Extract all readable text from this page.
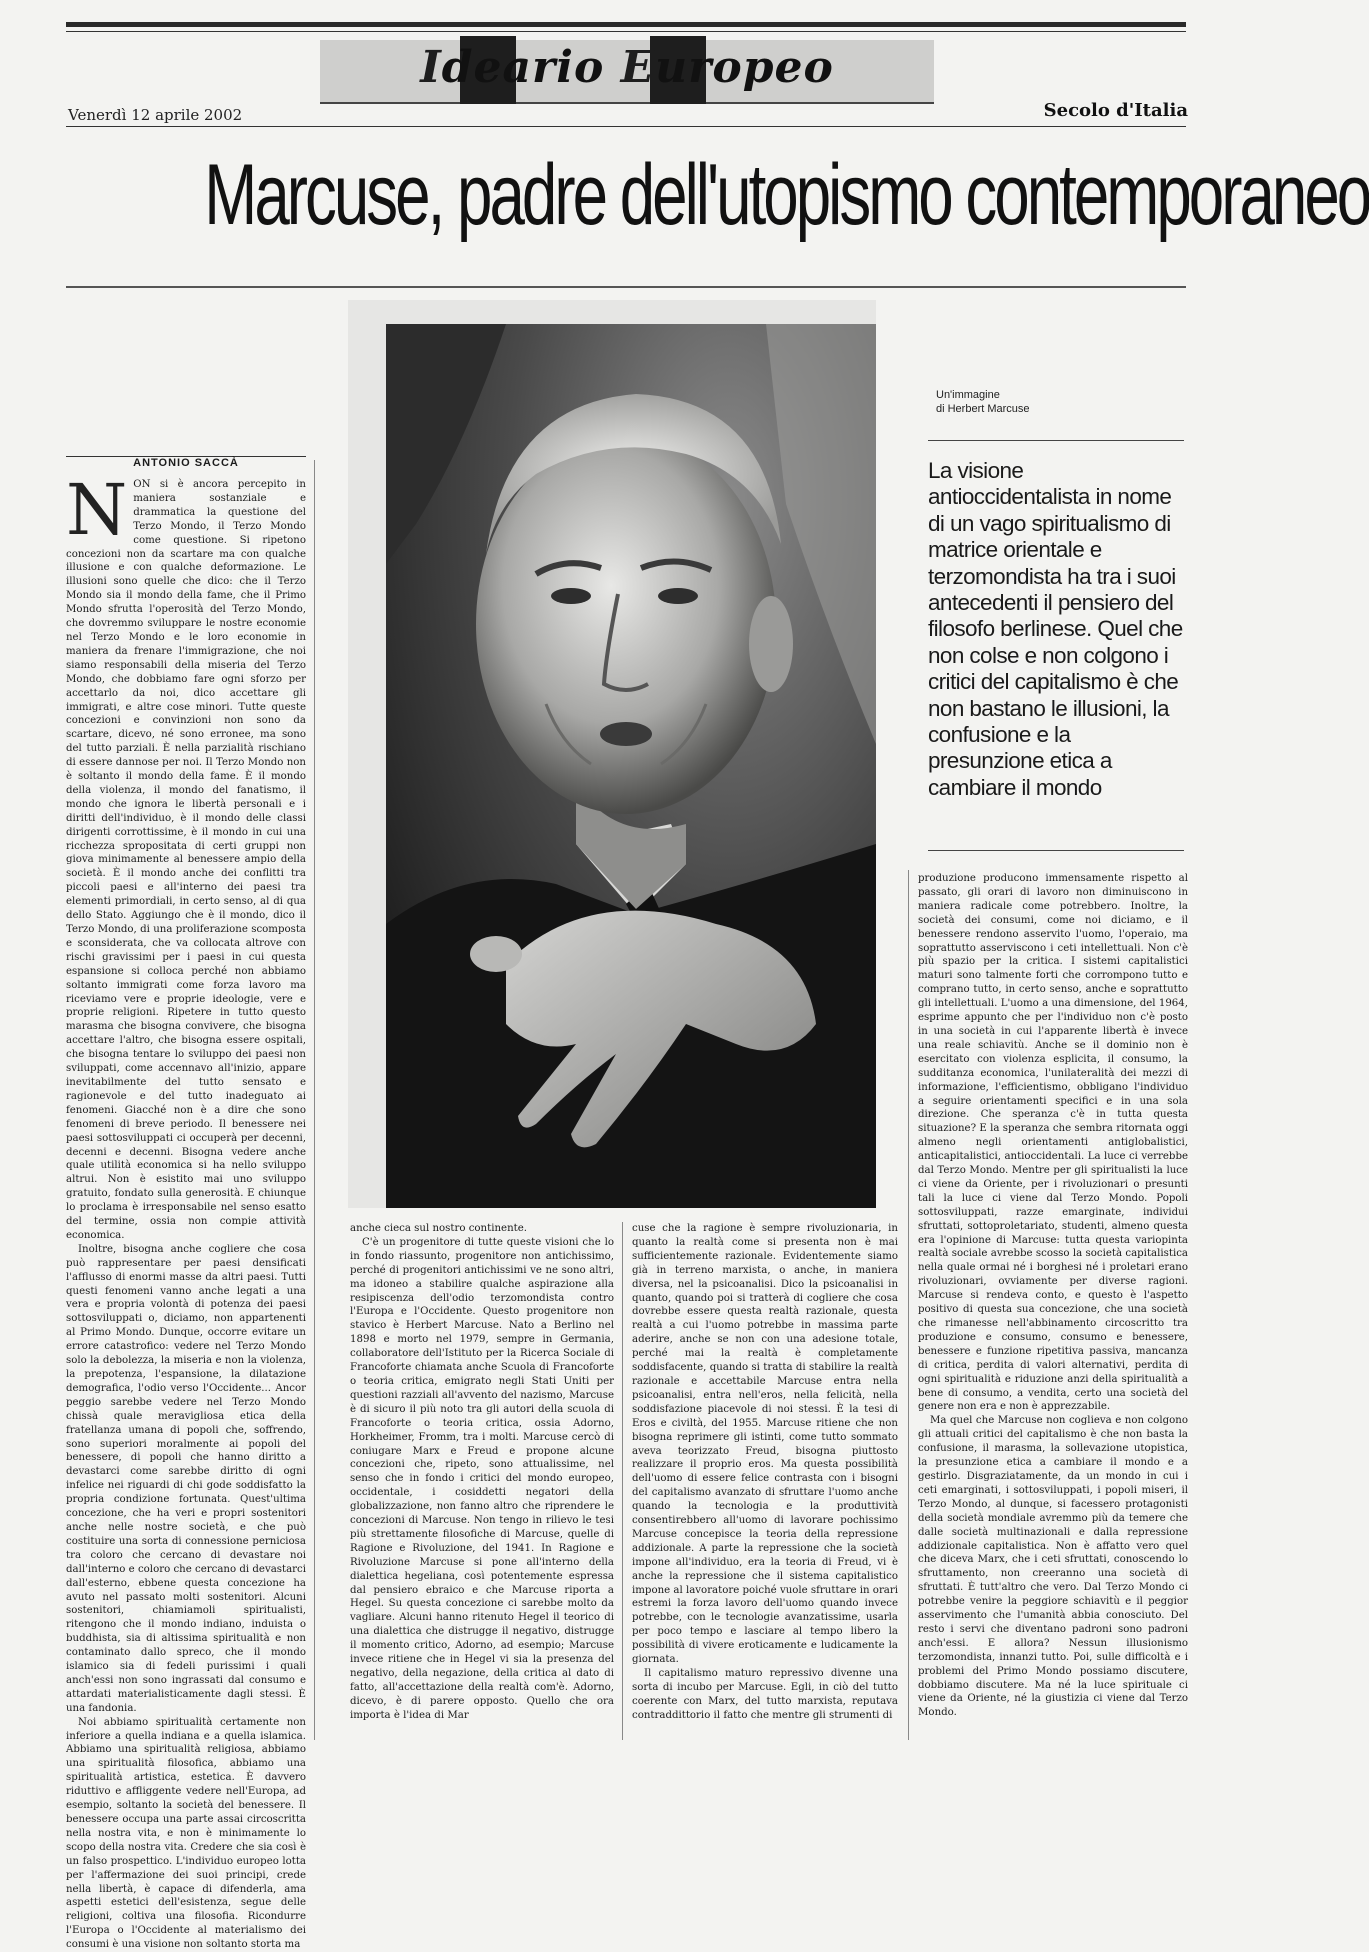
Ideario Europeo
Venerdì 12 aprile 2002	Secolo d'Italia
Marcuse, padre dell'utopismo contemporaneo
Un'immagine
di Herbert Marcuse
ANTONIO SACCÀ
N ON si è ancora percepito in maniera sostanziale e drammatica la questione del Terzo Mondo, il Terzo Mondo come questione. Si ripetono concezioni non da scartare ma con qualche illusione e con qualche deformazione. Le illusioni sono quelle che dico: che il Terzo Mondo sia il mondo della fame, che il Primo Mondo sfrutta l'operosità del Terzo Mondo, che dovremmo sviluppare le nostre economie nel Terzo Mondo e le loro economie in maniera da frenare l'immigrazione, che noi siamo responsabili della miseria del Terzo Mondo, che dobbiamo fare ogni sforzo per accettarlo da noi, dico accettare gli immigrati, e altre cose minori. Tutte queste concezioni e convinzioni non sono da scartare, dicevo, né sono erronee, ma sono del tutto parziali. È nella parzialità rischiano di essere dannose per noi. Il Terzo Mondo non è soltanto il mondo della fame. È il mondo della violenza, il mondo del fanatismo, il mondo che ignora le libertà personali e i diritti dell'individuo, è il mondo delle classi dirigenti corrottissime, è il mondo in cui una ricchezza spropositata di certi gruppi non giova minimamente al benessere ampio della società. È il mondo anche dei conflitti tra piccoli paesi e all'interno dei paesi tra elementi primordiali, in certo senso, al di qua dello Stato. Aggiungo che è il mondo, dico il Terzo Mondo, di una proliferazione scomposta e sconsiderata, che va collocata altrove con rischi gravissimi per i paesi in cui questa espansione si colloca perché non abbiamo soltanto immigrati come forza lavoro ma riceviamo vere e proprie ideologie, vere e proprie religioni. Ripetere in tutto questo marasma che bisogna convivere, che bisogna accettare l'altro, che bisogna essere ospitali, che bisogna tentare lo sviluppo dei paesi non sviluppati, come accennavo all'inizio, appare inevitabilmente del tutto sensato e ragionevole e del tutto inadeguato ai fenomeni. Giacché non è a dire che sono fenomeni di breve periodo. Il benessere nei paesi sottosviluppati ci occuperà per decenni, decenni e decenni. Bisogna vedere anche quale utilità economica si ha nello sviluppo altrui. Non è esistito mai uno sviluppo gratuito, fondato sulla generosità. E chiunque lo proclama è irresponsabile nel senso esatto del termine, ossia non compie attività economica.

Inoltre, bisogna anche cogliere che cosa può rappresentare per paesi densificati l'afflusso di enormi masse da altri paesi. Tutti questi fenomeni vanno anche legati a una vera e propria volontà di potenza dei paesi sottosviluppati o, diciamo, non appartenenti al Primo Mondo. Dunque, occorre evitare un errore catastrofico: vedere nel Terzo Mondo solo la debolezza, la miseria e non la violenza, la prepotenza, l'espansione, la dilatazione demografica, l'odio verso l'Occidente... Ancor peggio sarebbe vedere nel Terzo Mondo chissà quale meravigliosa etica della fratellanza umana di popoli che, soffrendo, sono superiori moralmente ai popoli del benessere, di popoli che hanno diritto a devastarci come sarebbe diritto di ogni infelice nei riguardi di chi gode soddisfatto la propria condizione fortunata. Quest'ultima concezione, che ha veri e propri sostenitori anche nelle nostre società, e che può costituire una sorta di connessione perniciosa tra coloro che cercano di devastare noi dall'interno e coloro che cercano di devastarci dall'esterno, ebbene questa concezione ha avuto nel passato molti sostenitori. Alcuni sostenitori, chiamiamoli spiritualisti, ritengono che il mondo indiano, induista o buddhista, sia di altissima spiritualità e non contaminato dallo spreco, che il mondo islamico sia di fedeli purissimi i quali anch'essi non sono ingrassati dal consumo e attardati materialisticamente dagli stessi. È una fandonia.

Noi abbiamo spiritualità certamente non inferiore a quella indiana e a quella islamica. Abbiamo una spiritualità religiosa, abbiamo una spiritualità filosofica, abbiamo una spiritualità artistica, estetica. È davvero riduttivo e affliggente vedere nell'Europa, ad esempio, soltanto la società del benessere. Il benessere occupa una parte assai circoscritta nella nostra vita, e non è minimamente lo scopo della nostra vita. Credere che sia così è un falso prospettico. L'individuo europeo lotta per l'affermazione dei suoi principi, crede nella libertà, è capace di difenderla, ama aspetti estetici dell'esistenza, segue delle religioni, coltiva una filosofia. Ricondurre l'Europa o l'Occidente al materialismo dei consumi è una visione non soltanto storta ma

anche cieca sul nostro continente.

C'è un progenitore di tutte queste visioni che lo in fondo riassunto, progenitore non antichissimo, perché di progenitori antichissimi ve ne sono altri, ma idoneo a stabilire qualche aspirazione alla resipiscenza dell'odio terzomondista contro l'Europa e l'Occidente. Questo progenitore non stavico è Herbert Marcuse. Nato a Berlino nel 1898 e morto nel 1979, sempre in Germania, collaboratore dell'Istituto per la Ricerca Sociale di Francoforte chiamata anche Scuola di Francoforte o teoria critica, emigrato negli Stati Uniti per questioni razziali all'avvento del nazismo, Marcuse è di sicuro il più noto tra gli autori della scuola di Francoforte o teoria critica, ossia Adorno, Horkheimer, Fromm, tra i molti. Marcuse cercò di coniugare Marx e Freud e propone alcune concezioni che, ripeto, sono attualissime, nel senso che in fondo i critici del mondo europeo, occidentale, i cosiddetti negatori della globalizzazione, non fanno altro che riprendere le concezioni di Marcuse. Non tengo in rilievo le tesi più strettamente filosofiche di Marcuse, quelle di Ragione e Rivoluzione, del 1941. In Ragione e Rivoluzione Marcuse si pone all'interno della dialettica hegeliana, così potentemente espressa dal pensiero ebraico e che Marcuse riporta a Hegel. Su questa concezione ci sarebbe molto da vagliare. Alcuni hanno ritenuto Hegel il teorico di una dialettica che distrugge il negativo, distrugge il momento critico, Adorno, ad esempio; Marcuse invece ritiene che in Hegel vi sia la presenza del negativo, della negazione, della critica al dato di fatto, all'accettazione della realtà com'è. Adorno, dicevo, è di parere opposto. Quello che ora importa è l'idea di Mar

cuse che la ragione è sempre rivoluzionaria, in quanto la realtà come si presenta non è mai sufficientemente razionale. Evidentemente siamo già in terreno marxista, o anche, in maniera diversa, nel la psicoanalisi. Dico la psicoanalisi in quanto, quando poi si tratterà di cogliere che cosa dovrebbe essere questa realtà razionale, questa realtà a cui l'uomo potrebbe in massima parte aderire, anche se non con una adesione totale, perché mai la realtà è completamente soddisfacente, quando si tratta di stabilire la realtà razionale e accettabile Marcuse entra nella psicoanalisi, entra nell'eros, nella felicità, nella soddisfazione piacevole di noi stessi. È la tesi di Eros e civiltà, del 1955. Marcuse ritiene che non bisogna reprimere gli istinti, come tutto sommato aveva teorizzato Freud, bisogna piuttosto realizzare il proprio eros. Ma questa possibilità dell'uomo di essere felice contrasta con i bisogni del capitalismo avanzato di sfruttare l'uomo anche quando la tecnologia e la produttività consentirebbero all'uomo di lavorare pochissimo Marcuse concepisce la teoria della repressione addizionale. A parte la repressione che la società impone all'individuo, era la teoria di Freud, vi è anche la repressione che il sistema capitalistico impone al lavoratore poiché vuole sfruttare in orari estremi la forza lavoro dell'uomo quando invece potrebbe, con le tecnologie avanzatissime, usarla per poco tempo e lasciare al tempo libero la possibilità di vivere eroticamente e ludicamente la giornata.

Il capitalismo maturo repressivo divenne una sorta di incubo per Marcuse. Egli, in ciò del tutto coerente con Marx, del tutto marxista, reputava contraddittorio il fatto che mentre gli strumenti di

La visione antioccidentalista in nome di un vago spiritualismo di matrice orientale e terzomondista ha tra i suoi antecedenti il pensiero del filosofo berlinese. Quel che non colse e non colgono i critici del capitalismo è che non bastano le illusioni, la confusione e la presunzione etica a cambiare il mondo

produzione producono immensamente rispetto al passato, gli orari di lavoro non diminuiscono in maniera radicale come potrebbero. Inoltre, la società dei consumi, come noi diciamo, e il benessere rendono asservito l'uomo, l'operaio, ma soprattutto asserviscono i ceti intellettuali. Non c'è più spazio per la critica. I sistemi capitalistici maturi sono talmente forti che corrompono tutto e comprano tutto, in certo senso, anche e soprattutto gli intellettuali. L'uomo a una dimensione, del 1964, esprime appunto che per l'individuo non c'è posto in una società in cui l'apparente libertà è invece una reale schiavitù. Anche se il dominio non è esercitato con violenza esplicita, il consumo, la sudditanza economica, l'unilateralità dei mezzi di informazione, l'efficientismo, obbligano l'individuo a seguire orientamenti specifici e in una sola direzione. Che speranza c'è in tutta questa situazione? E la speranza che sembra ritornata oggi almeno negli orientamenti antiglobalistici, anticapitalistici, antioccidentali. La luce ci verrebbe dal Terzo Mondo. Mentre per gli spiritualisti la luce ci viene da Oriente, per i rivoluzionari o presunti tali la luce ci viene dal Terzo Mondo. Popoli sottosviluppati, razze emarginate, individui sfruttati, sottoproletariato, studenti, almeno questa era l'opinione di Marcuse: tutta questa variopinta realtà sociale avrebbe scosso la società capitalistica nella quale ormai né i borghesi né i proletari erano rivoluzionari, ovviamente per diverse ragioni. Marcuse si rendeva conto, e questo è l'aspetto positivo di questa sua concezione, che una società che rimanesse nell'abbinamento circoscritto tra produzione e consumo, consumo e benessere, benessere e funzione ripetitiva passiva, mancanza di critica, perdita di valori alternativi, perdita di ogni spiritualità e riduzione anzi della spiritualità a bene di consumo, a vendita, certo una società del genere non era e non è apprezzabile.

Ma quel che Marcuse non coglieva e non colgono gli attuali critici del capitalismo è che non basta la confusione, il marasma, la sollevazione utopistica, la presunzione etica a cambiare il mondo e a gestirlo. Disgraziatamente, da un mondo in cui i ceti emarginati, i sottosviluppati, i popoli miseri, il Terzo Mondo, al dunque, si facessero protagonisti della società mondiale avremmo più da temere che dalle società multinazionali e dalla repressione addizionale capitalistica. Non è affatto vero quel che diceva Marx, che i ceti sfruttati, conoscendo lo sfruttamento, non creeranno una società di sfruttati. È tutt'altro che vero. Dal Terzo Mondo ci potrebbe venire la peggiore schiavitù e il peggior asservimento che l'umanità abbia conosciuto. Del resto i servi che diventano padroni sono padroni anch'essi. E allora? Nessun illusionismo terzomondista, innanzi tutto. Poi, sulle difficoltà e i problemi del Primo Mondo possiamo discutere, dobbiamo discutere. Ma né la luce spirituale ci viene da Oriente, né la giustizia ci viene dal Terzo Mondo.
